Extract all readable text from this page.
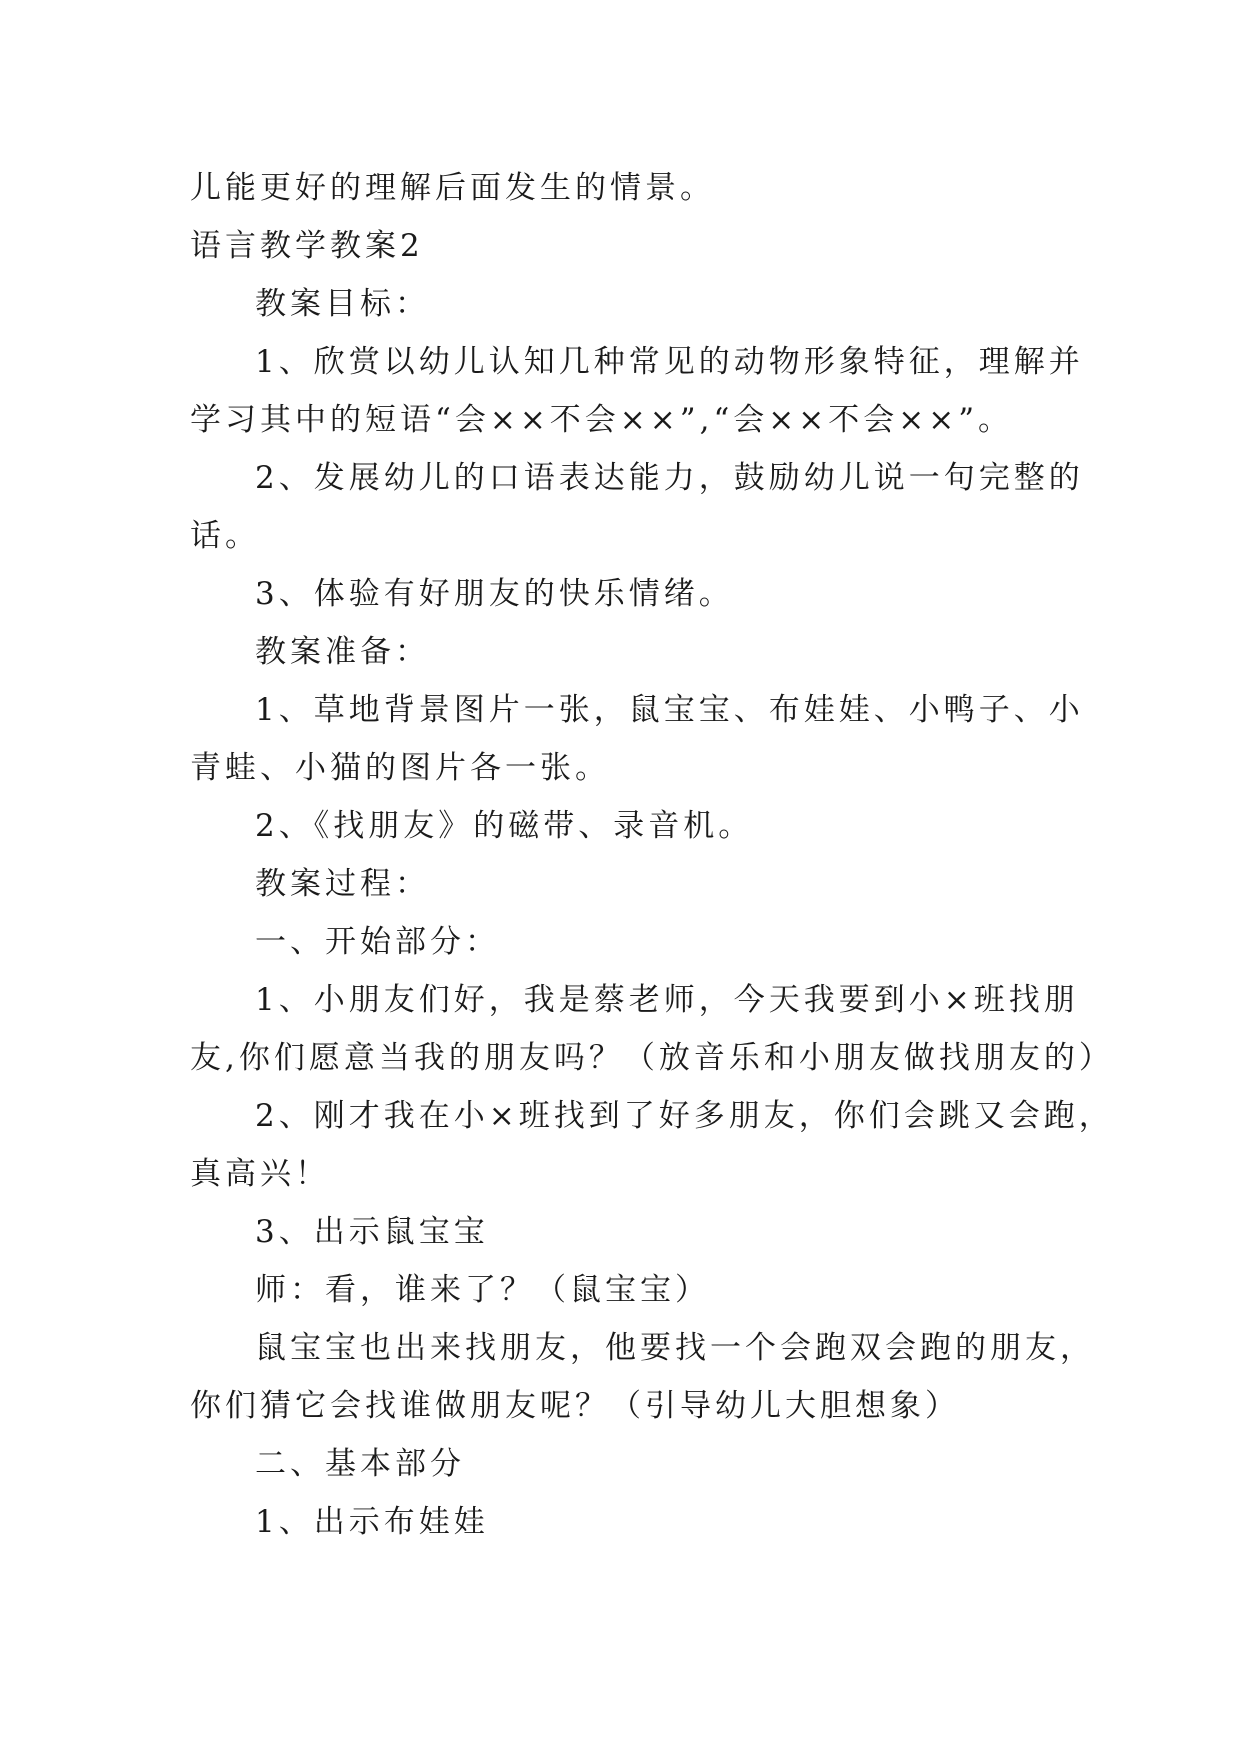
儿能更好的理解后面发生的情景。
语言教学教案2
教案目标：
1、欣赏以幼儿认知几种常见的动物形象特征，理解并
学习其中的短语“会××不会××”,“会××不会××”。
2、发展幼儿的口语表达能力，鼓励幼儿说一句完整的
话。
3、体验有好朋友的快乐情绪。
教案准备：
1、草地背景图片一张，鼠宝宝、布娃娃、小鸭子、小
青蛙、小猫的图片各一张。
2、《找朋友》的磁带、录音机。
教案过程：
一、开始部分：
1、小朋友们好，我是蔡老师，今天我要到小×班找朋
友,你们愿意当我的朋友吗？（放音乐和小朋友做找朋友的）
2、刚才我在小×班找到了好多朋友，你们会跳又会跑，
真高兴！
3、出示鼠宝宝
师：看，谁来了？（鼠宝宝）
鼠宝宝也出来找朋友，他要找一个会跑双会跑的朋友，
你们猜它会找谁做朋友呢？（引导幼儿大胆想象）
二、基本部分
1、出示布娃娃
